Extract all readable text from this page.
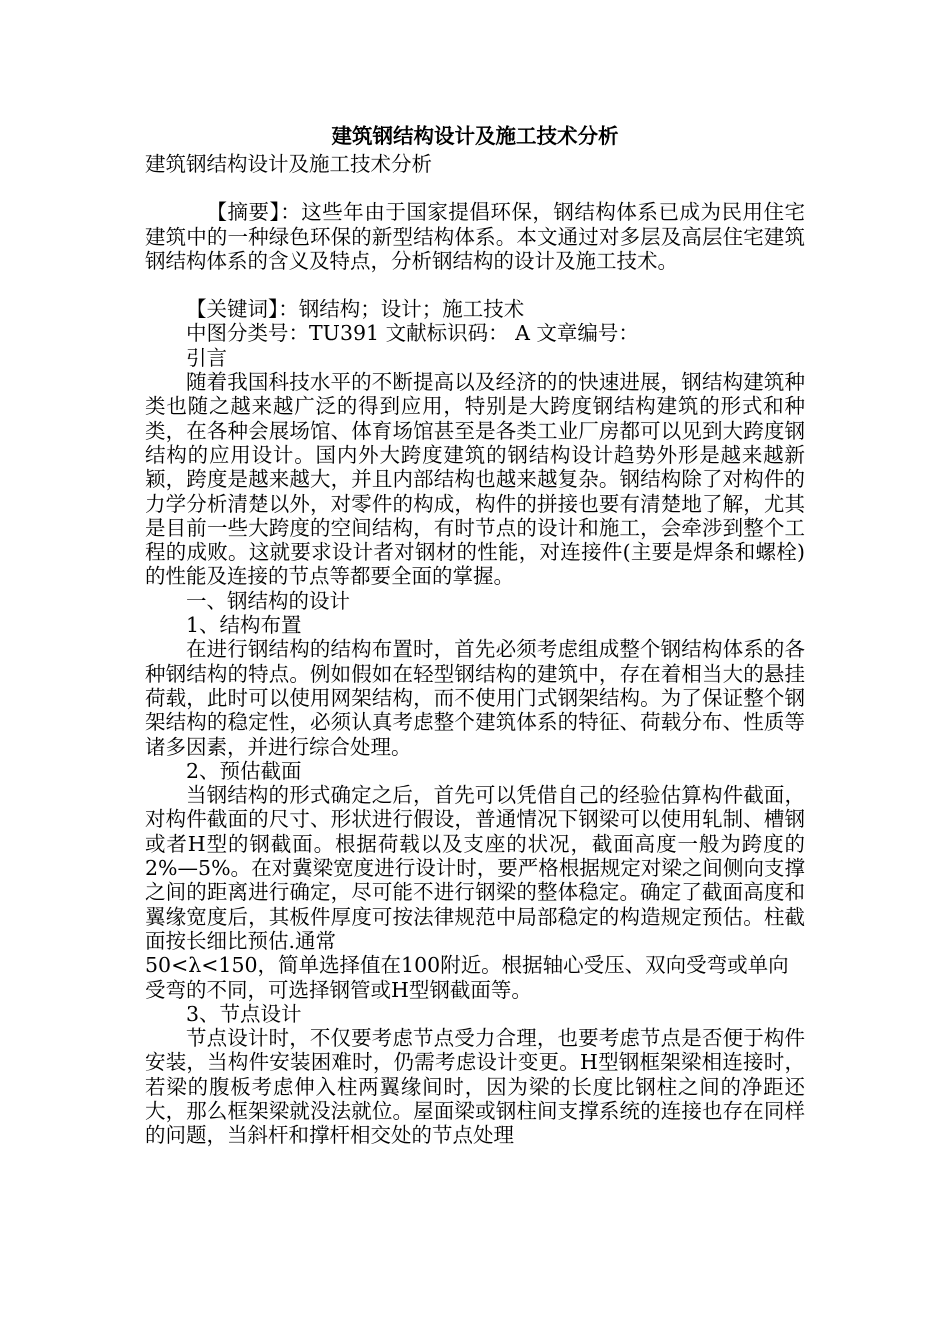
建筑钢结构设计及施工技术分析

建筑钢结构设计及施工技术分析

【摘要】：这些年由于国家提倡环保，钢结构体系已成为民用住宅建筑中的一种绿色环保的新型结构体系。本文通过对多层及高层住宅建筑钢结构体系的含义及特点，分析钢结构的设计及施工技术。

【关键词】：钢结构；设计；施工技术

中图分类号：TU391 文献标识码： A 文章编号：

引言

随着我国科技水平的不断提高以及经济的的快速进展，钢结构建筑种类也随之越来越广泛的得到应用，特别是大跨度钢结构建筑的形式和种类，在各种会展场馆、体育场馆甚至是各类工业厂房都可以见到大跨度钢结构的应用设计。国内外大跨度建筑的钢结构设计趋势外形是越来越新颖，跨度是越来越大，并且内部结构也越来越复杂。钢结构除了对构件的力学分析清楚以外，对零件的构成，构件的拼接也要有清楚地了解，尤其是目前一些大跨度的空间结构，有时节点的设计和施工，会牵涉到整个工程的成败。这就要求设计者对钢材的性能，对连接件(主要是焊条和螺栓)的性能及连接的节点等都要全面的掌握。

一、钢结构的设计

1、结构布置

在进行钢结构的结构布置时，首先必须考虑组成整个钢结构体系的各种钢结构的特点。例如假如在轻型钢结构的建筑中，存在着相当大的悬挂荷载，此时可以使用网架结构，而不使用门式钢架结构。为了保证整个钢架结构的稳定性，必须认真考虑整个建筑体系的特征、荷载分布、性质等诸多因素，并进行综合处理。

2、预估截面

当钢结构的形式确定之后，首先可以凭借自己的经验估算构件截面，对构件截面的尺寸、形状进行假设，普通情况下钢梁可以使用轧制、槽钢或者H型的钢截面。根据荷载以及支座的状况，截面高度一般为跨度的2%—5%。在对冀梁宽度进行设计时，要严格根据规定对梁之间侧向支撑之间的距离进行确定，尽可能不进行钢梁的整体稳定。确定了截面高度和翼缘宽度后，其板件厚度可按法律规范中局部稳定的构造规定预估。柱截面按长细比预估.通常

50<λ<150，简单选择值在100附近。根据轴心受压、双向受弯或单向受弯的不同，可选择钢管或H型钢截面等。

3、节点设计

节点设计时，不仅要考虑节点受力合理，也要考虑节点是否便于构件安装，当构件安装困难时，仍需考虑设计变更。H型钢框架梁相连接时，若梁的腹板考虑伸入柱两翼缘间时，因为梁的长度比钢柱之间的净距还大，那么框架梁就没法就位。屋面梁或钢柱间支撑系统的连接也存在同样的问题，当斜杆和撑杆相交处的节点处理
